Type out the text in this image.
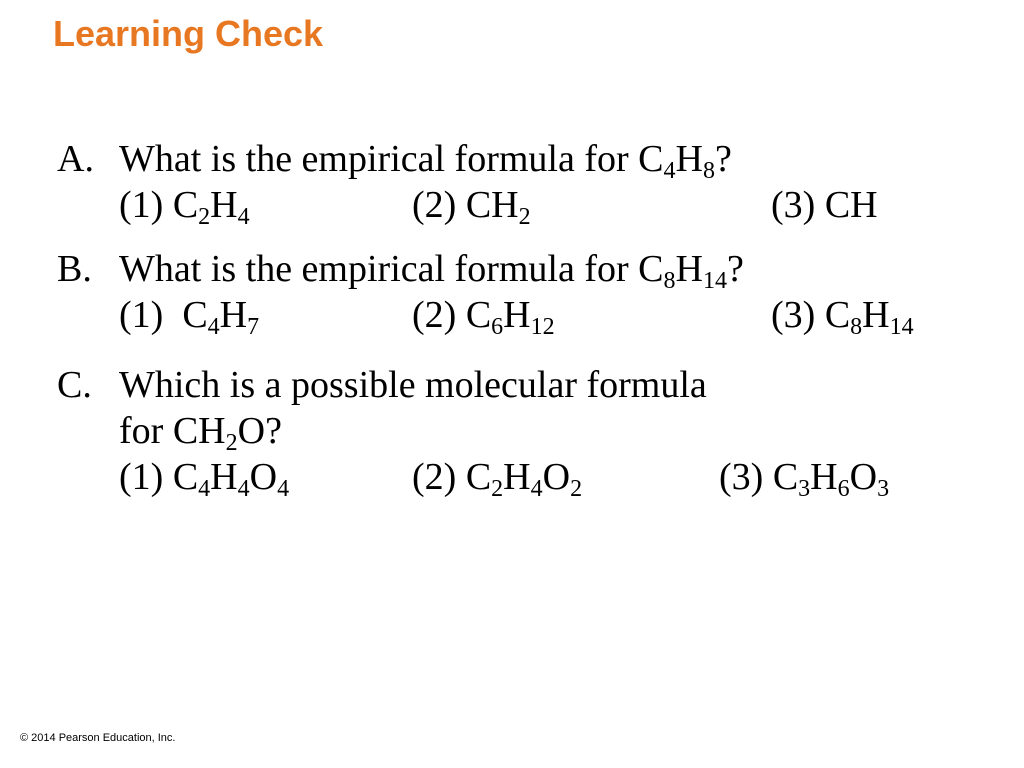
Learning Check
A. What is the empirical formula for $C_4H_8$?
(1) $C_2H_4$	(2) $CH_2$	(3) CH
B. What is the empirical formula for $C_8H_{14}$?
(1)  $C_4H_7$	(2) $C_6H_{12}$	(3) $C_8H_{14}$
C. Which is a possible molecular formula
for $CH_2O$?
(1) $C_4H_4O_4$	(2) $C_2H_4O_2$	(3) $C_3H_6O_3$
© 2014 Pearson Education, Inc.
